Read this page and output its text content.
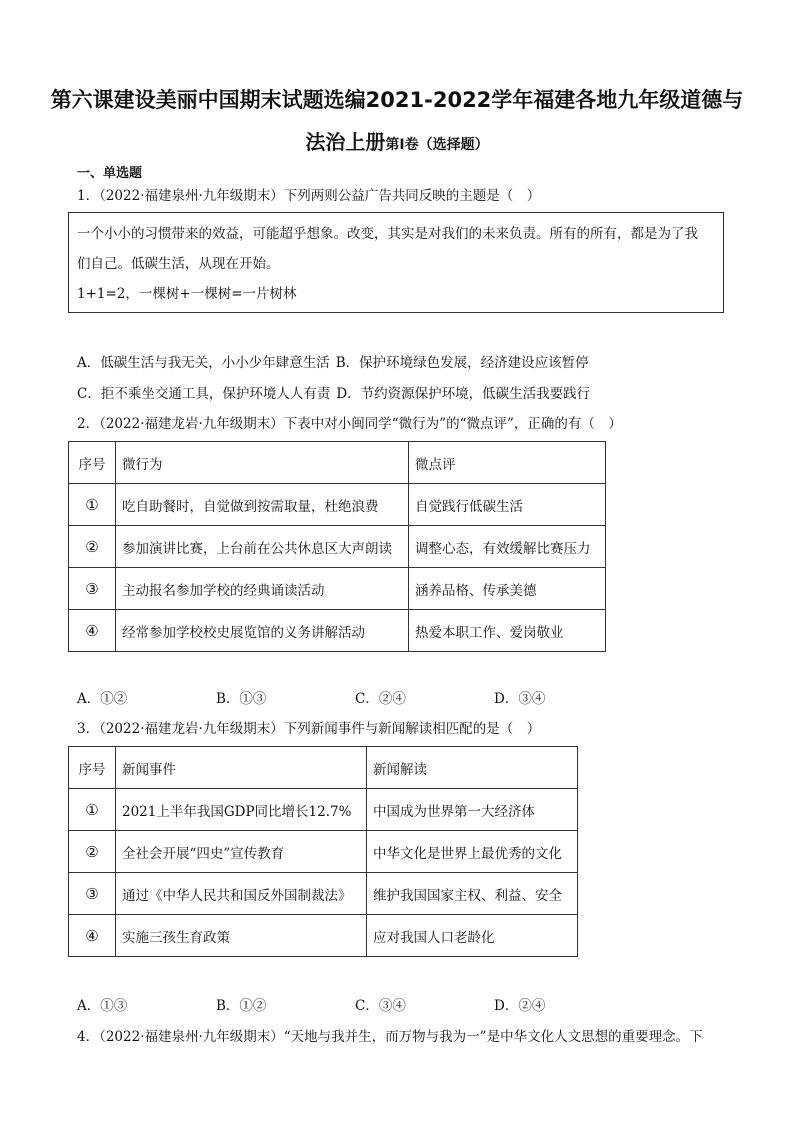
第六课建设美丽中国期末试题选编2021-2022学年福建各地九年级道德与
法治上册第I卷（选择题）
一、单选题
1．（2022·福建泉州·九年级期末）下列两则公益广告共同反映的主题是（　）
一个小小的习惯带来的效益，可能超乎想象。改变，其实是对我们的未来负责。所有的所有，都是为了我
们自己。低碳生活，从现在开始。
1+1=2，一棵树+一棵树=一片树林
A．低碳生活与我无关，小小少年肆意生活 B．保护环境绿色发展，经济建设应该暂停
C．拒不乘坐交通工具，保护环境人人有责 D．节约资源保护环境，低碳生活我要践行
2．（2022·福建龙岩·九年级期末）下表中对小闽同学“微行为”的“微点评”，正确的有（　）
序号	微行为	微点评
①	吃自助餐时，自觉做到按需取量，杜绝浪费	自觉践行低碳生活
②	参加演讲比赛，上台前在公共休息区大声朗读	调整心态，有效缓解比赛压力
③	主动报名参加学校的经典诵读活动	涵养品格、传承美德
④	经常参加学校校史展览馆的义务讲解活动	热爱本职工作、爱岗敬业
A．①②	B．①③	C．②④	D．③④
3．（2022·福建龙岩·九年级期末）下列新闻事件与新闻解读相匹配的是（　）
序号	新闻事件	新闻解读
①	2021上半年我国GDP同比增长12.7%	中国成为世界第一大经济体
②	全社会开展“四史”宣传教育	中华文化是世界上最优秀的文化
③	通过《中华人民共和国反外国制裁法》	维护我国国家主权、利益、安全
④	实施三孩生育政策	应对我国人口老龄化
A．①③	B．①②	C．③④	D．②④
4．（2022·福建泉州·九年级期末）“天地与我并生，而万物与我为一”是中华文化人文思想的重要理念。下
